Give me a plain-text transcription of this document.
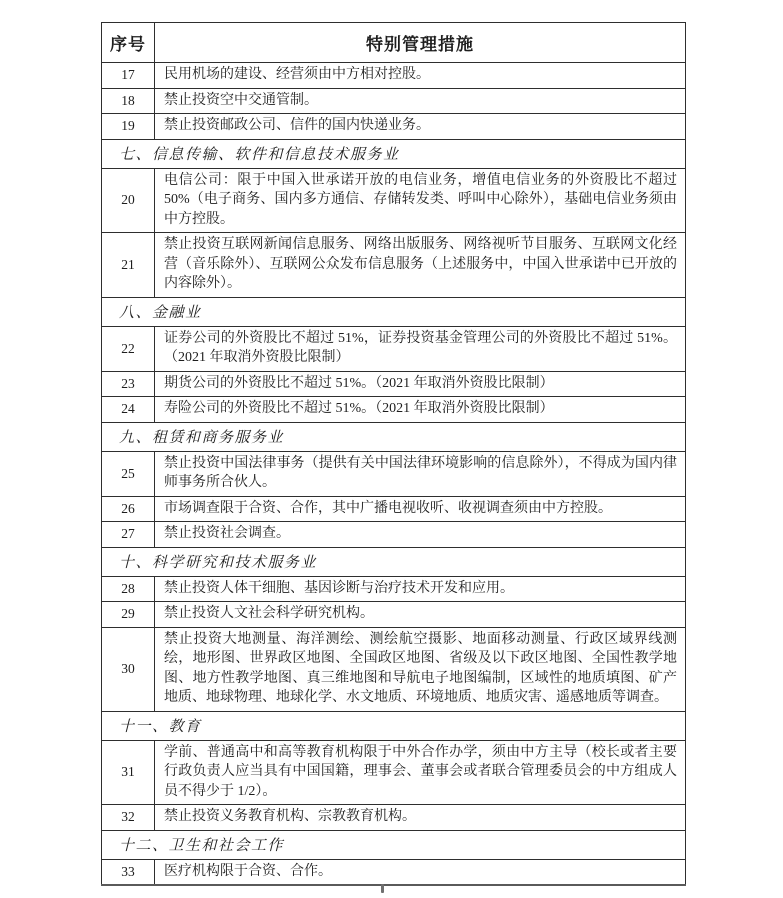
序号	特别管理措施
17	民用机场的建设、经营须由中方相对控股。
18	禁止投资空中交通管制。
19	禁止投资邮政公司、信件的国内快递业务。
七、信息传输、软件和信息技术服务业	
20	电信公司：限于中国入世承诺开放的电信业务，增值电信业务的外资股比不超过 50%（电子商务、国内多方通信、存储转发类、呼叫中心除外），基础电信业务须由中方控股。
21	禁止投资互联网新闻信息服务、网络出版服务、网络视听节目服务、互联网文化经营（音乐除外）、互联网公众发布信息服务（上述服务中，中国入世承诺中已开放的内容除外）。
八、金融业	
22	证券公司的外资股比不超过 51%，证券投资基金管理公司的外资股比不超过 51%。（2021 年取消外资股比限制）
23	期货公司的外资股比不超过 51%。（2021 年取消外资股比限制）
24	寿险公司的外资股比不超过 51%。（2021 年取消外资股比限制）
九、租赁和商务服务业	
25	禁止投资中国法律事务（提供有关中国法律环境影响的信息除外），不得成为国内律师事务所合伙人。
26	市场调查限于合资、合作，其中广播电视收听、收视调查须由中方控股。
27	禁止投资社会调查。
十、科学研究和技术服务业	
28	禁止投资人体干细胞、基因诊断与治疗技术开发和应用。
29	禁止投资人文社会科学研究机构。
30	禁止投资大地测量、海洋测绘、测绘航空摄影、地面移动测量、行政区域界线测绘，地形图、世界政区地图、全国政区地图、省级及以下政区地图、全国性教学地图、地方性教学地图、真三维地图和导航电子地图编制，区域性的地质填图、矿产地质、地球物理、地球化学、水文地质、环境地质、地质灾害、遥感地质等调查。
十一、教育	
31	学前、普通高中和高等教育机构限于中外合作办学，须由中方主导（校长或者主要行政负责人应当具有中国国籍，理事会、董事会或者联合管理委员会的中方组成人员不得少于 1/2）。
32	禁止投资义务教育机构、宗教教育机构。
十二、卫生和社会工作	
33	医疗机构限于合资、合作。
